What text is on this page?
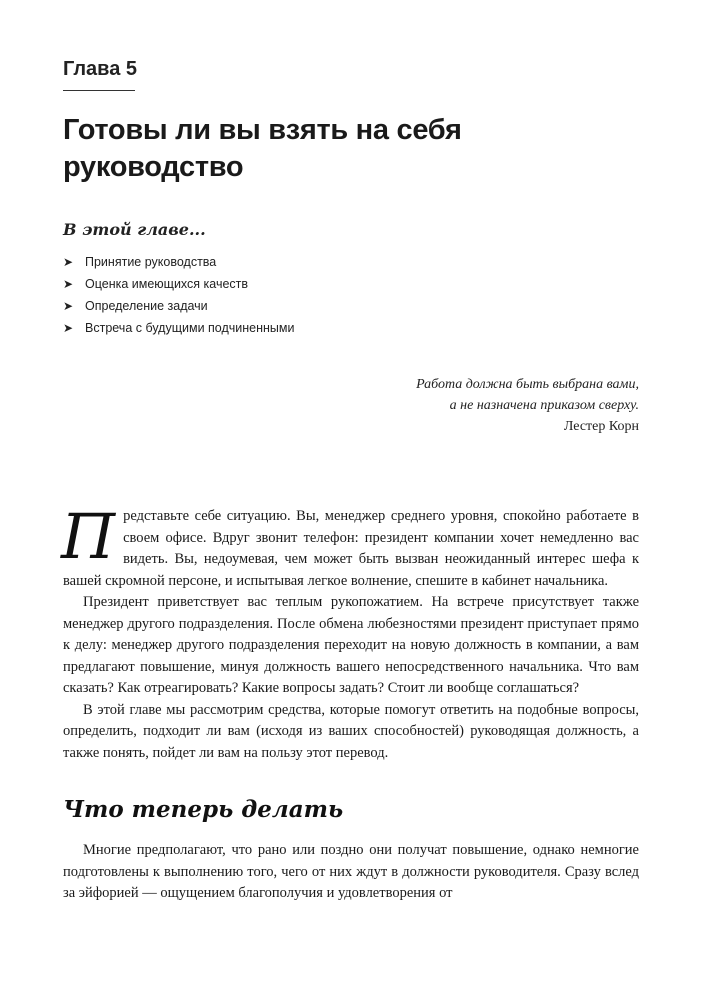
Глава 5
Готовы ли вы взять на себя руководство
В этой главе...
➤ Принятие руководства
➤ Оценка имеющихся качеств
➤ Определение задачи
➤ Встреча с будущими подчиненными
Работа должна быть выбрана вами,
а не назначена приказом сверху.
Лестер Корн

Представьте себе ситуацию. Вы, менеджер среднего уровня, спокойно работаете в своем офисе. Вдруг звонит телефон: президент компании хочет немедленно вас видеть. Вы, недоумевая, чем может быть вызван неожиданный интерес шефа к вашей скромной персоне, и испытывая легкое волнение, спешите в кабинет начальника.

Президент приветствует вас теплым рукопожатием. На встрече присутствует также менеджер другого подразделения. После обмена любезностями президент приступает прямо к делу: менеджер другого подразделения переходит на новую должность в компании, а вам предлагают повышение, минуя должность вашего непосредственного начальника. Что вам сказать? Как отреагировать? Какие вопросы задать? Стоит ли вообще соглашаться?

В этой главе мы рассмотрим средства, которые помогут ответить на подобные вопросы, определить, подходит ли вам (исходя из ваших способностей) руководящая должность, а также понять, пойдет ли вам на пользу этот перевод.

Что теперь делать

Многие предполагают, что рано или поздно они получат повышение, однако немногие подготовлены к выполнению того, чего от них ждут в должности руководителя. Сразу вслед за эйфорией — ощущением благополучия и удовлетворения от
